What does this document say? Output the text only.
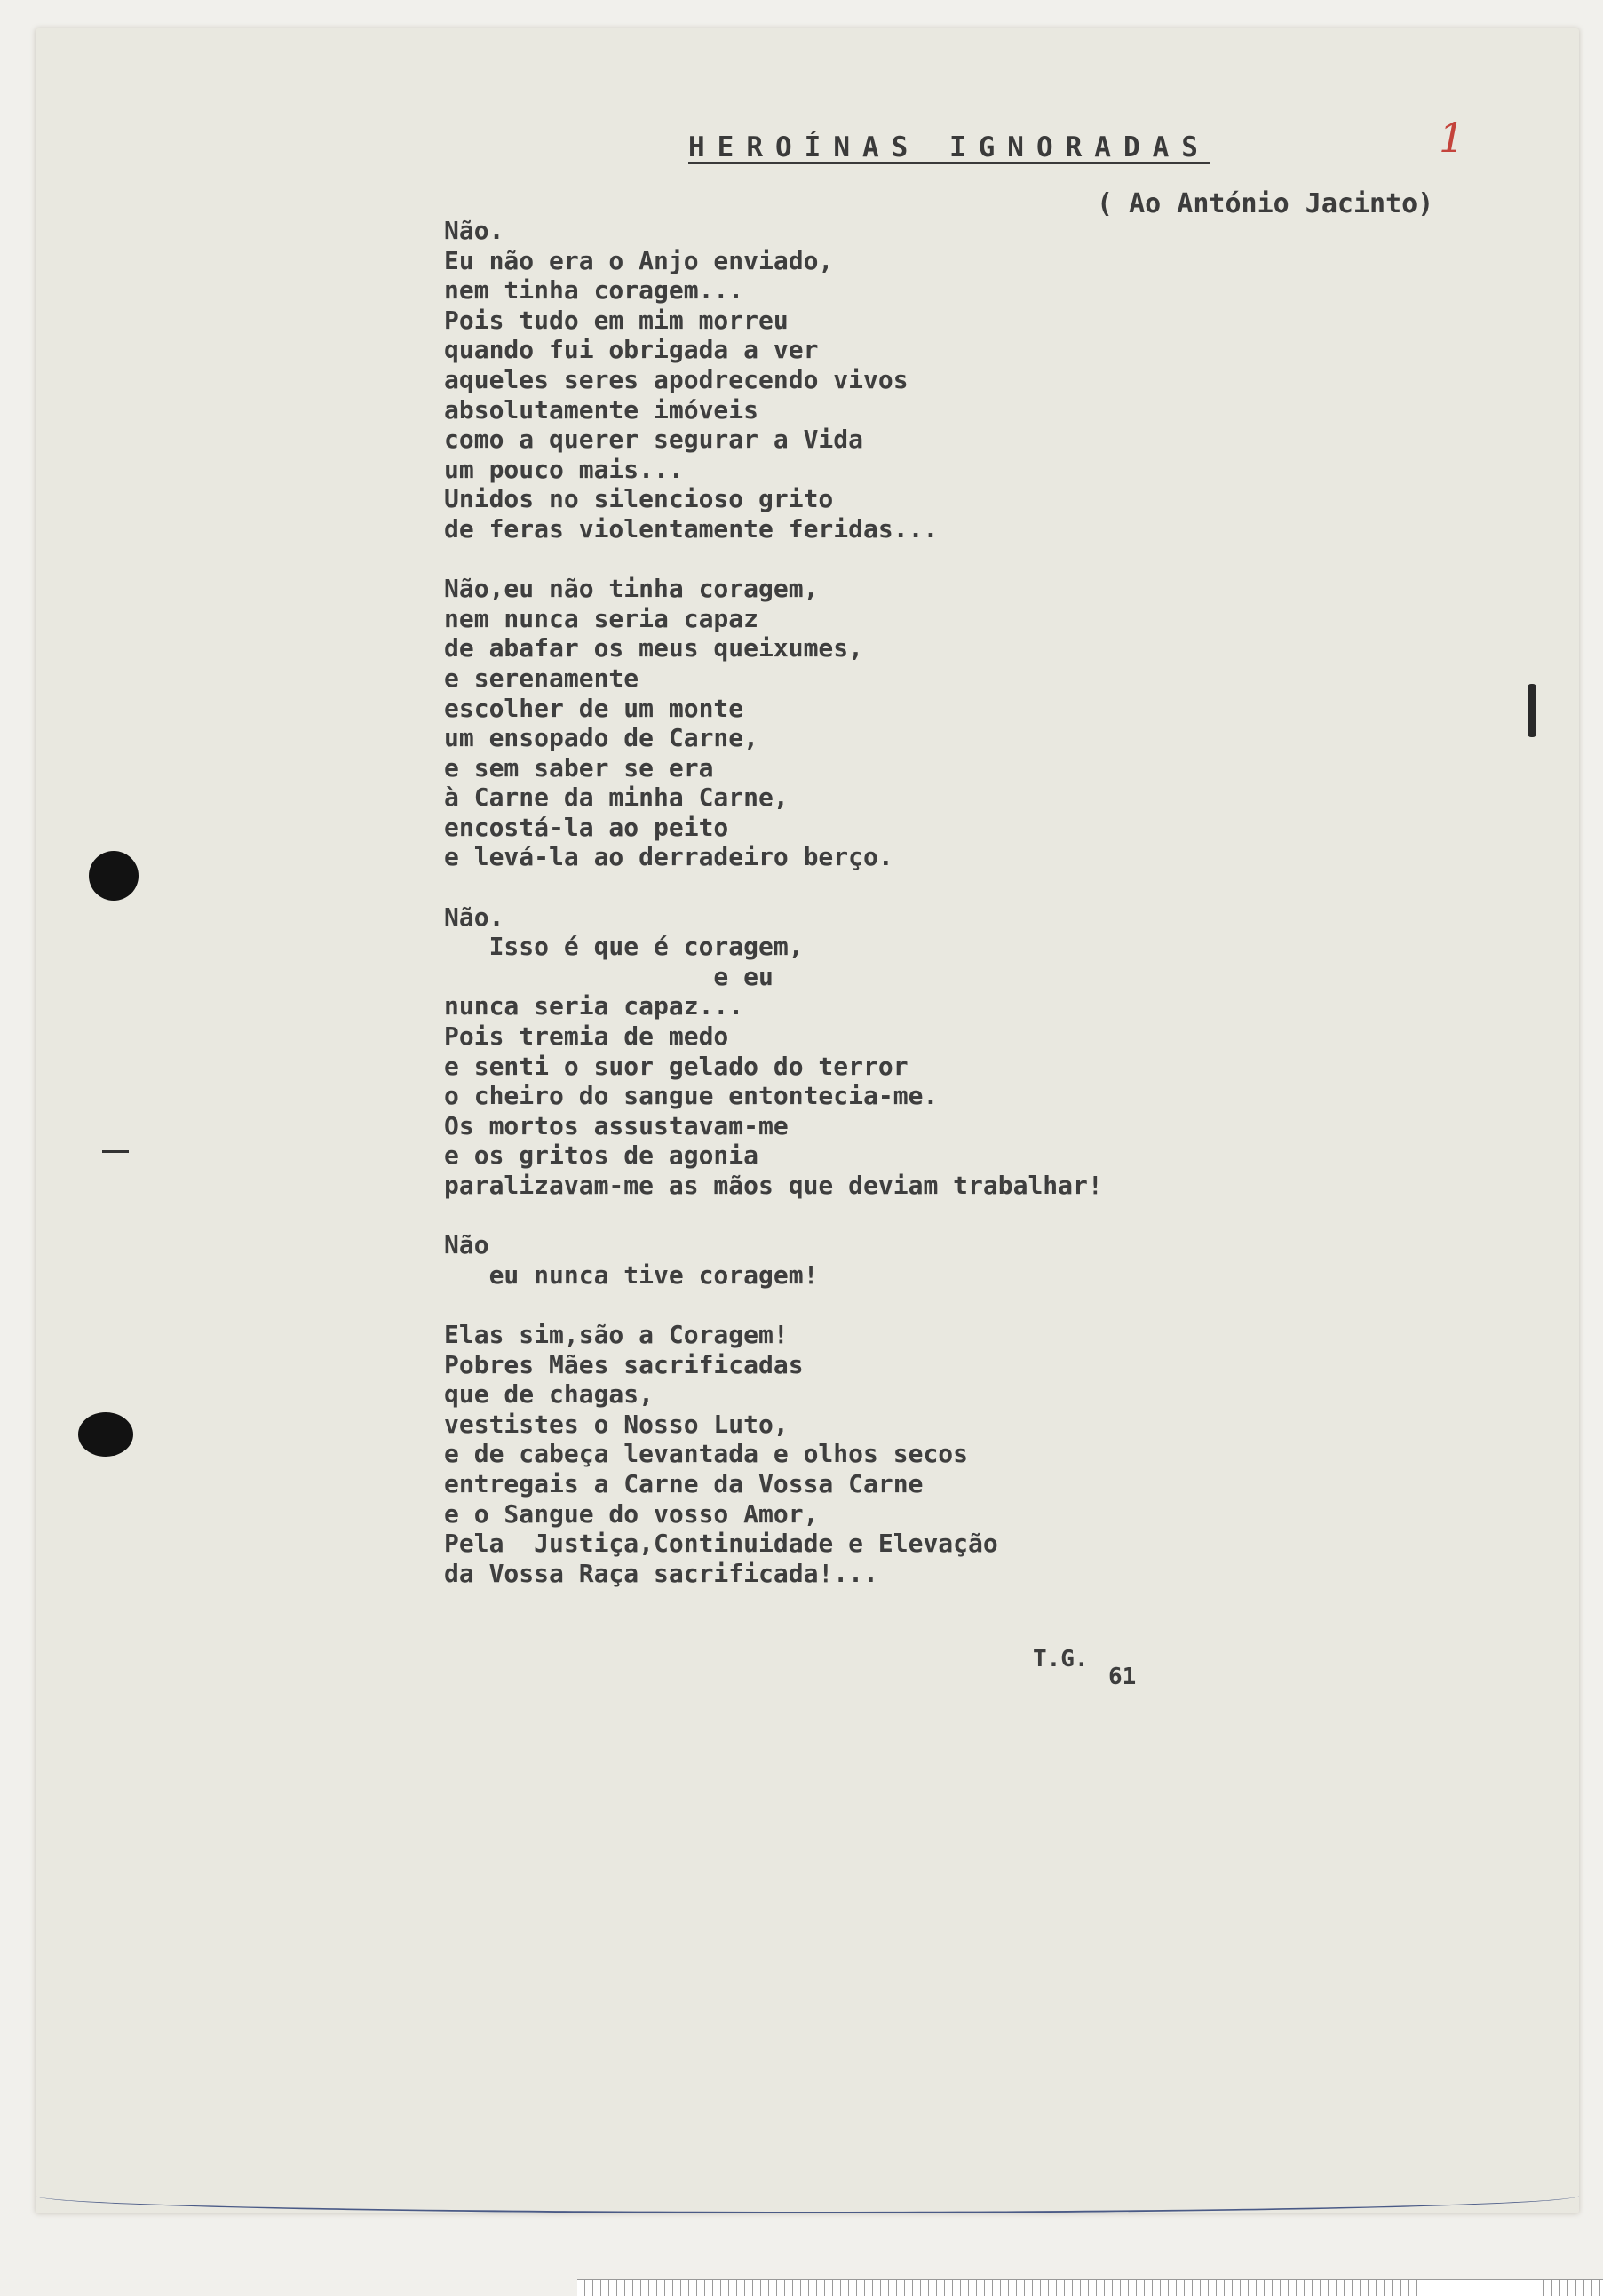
HEROÍNAS IGNORADAS	1
( Ao António Jacinto)
Não.
Eu não era o Anjo enviado,
nem tinha coragem...
Pois tudo em mim morreu
quando fui obrigada a ver
aqueles seres apodrecendo vivos
absolutamente imóveis
como a querer segurar a Vida
um pouco mais...
Unidos no silencioso grito
de feras violentamente feridas...
Não,eu não tinha coragem,
nem nunca seria capaz
de abafar os meus queixumes,
e serenamente
escolher de um monte
um ensopado de Carne,
e sem saber se era
à Carne da minha Carne,
encostá-la ao peito
e levá-la ao derradeiro berço.
Não.
Isso é que é coragem,
e eu
nunca seria capaz...
Pois tremia de medo
e senti o suor gelado do terror
o cheiro do sangue entontecia-me.
Os mortos assustavam-me
e os gritos de agonia
paralizavam-me as mãos que deviam trabalhar!
Não
eu nunca tive coragem!
Elas sim,são a Coragem!
Pobres Mães sacrificadas
que de chagas,
vestistes o Nosso Luto,
e de cabeça levantada e olhos secos
entregais a Carne da Vossa Carne
e o Sangue do vosso Amor,
Pela  Justiça,Continuidade e Elevação
da Vossa Raça sacrificada!...
T.G.
61
